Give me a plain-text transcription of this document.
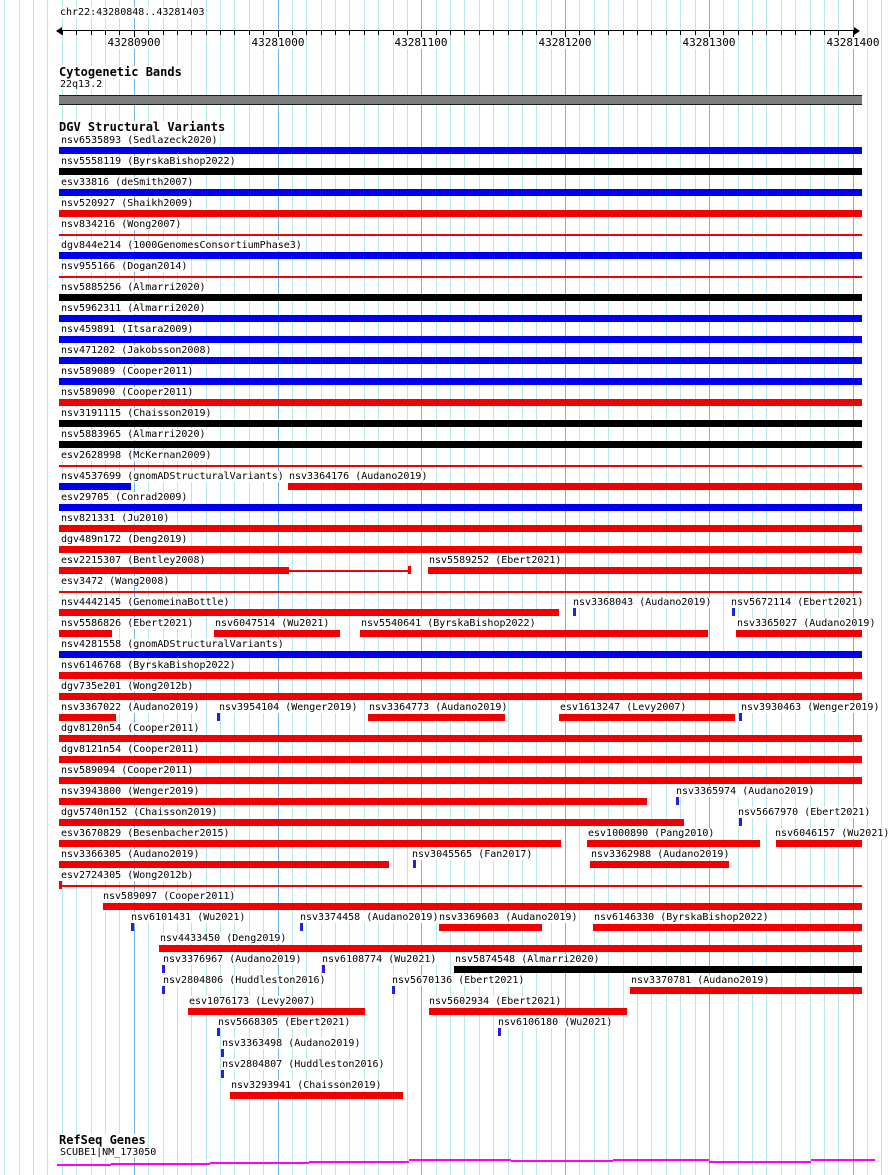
chr22:43280848..43281403
43280900	43281000	43281100	43281200	43281300	43281400
Cytogenetic Bands
22q13.2
DGV Structural Variants
nsv6535893 (Sedlazeck2020)
nsv5558119 (ByrskaBishop2022)
esv33816 (deSmith2007)
nsv520927 (Shaikh2009)
nsv834216 (Wong2007)
dgv844e214 (1000GenomesConsortiumPhase3)
nsv955166 (Dogan2014)
nsv5885256 (Almarri2020)
nsv5962311 (Almarri2020)
nsv459891 (Itsara2009)
nsv471202 (Jakobsson2008)
nsv589089 (Cooper2011)
nsv589090 (Cooper2011)
nsv3191115 (Chaisson2019)
nsv5883965 (Almarri2020)
esv2628998 (McKernan2009)
nsv4537699 (gnomADStructuralVariants) nsv3364176 (Audano2019)
esv29705 (Conrad2009)
nsv821331 (Ju2010)
dgv489n172 (Deng2019)
esv2215307 (Bentley2008)	nsv5589252 (Ebert2021)
esv3472 (Wang2008)
nsv4442145 (GenomeinaBottle)	nsv3368043 (Audano2019) nsv5672114 (Ebert2021)
nsv5586826 (Ebert2021) nsv6047514 (Wu2021)	nsv5540641 (ByrskaBishop2022)	nsv3365027 (Audano2019)
nsv4281558 (gnomADStructuralVariants)
nsv6146768 (ByrskaBishop2022)
dgv735e201 (Wong2012b)
nsv3367022 (Audano2019) nsv3954104 (Wenger2019) nsv3364773 (Audano2019)	esv1613247 (Levy2007)	nsv3930463 (Wenger2019)
dgv8120n54 (Cooper2011)
dgv8121n54 (Cooper2011)
nsv589094 (Cooper2011)
nsv3943800 (Wenger2019)	nsv3365974 (Audano2019)
dgv5740n152 (Chaisson2019)	nsv5667970 (Ebert2021)
esv3670829 (Besenbacher2015)	esv1000890 (Pang2010)	nsv6046157 (Wu2021)
nsv3366305 (Audano2019)	nsv3045565 (Fan2017)	nsv3362988 (Audano2019)
esv2724305 (Wong2012b)
nsv589097 (Cooper2011)
nsv6101431 (Wu2021)	nsv3374458 (Audano2019) nsv3369603 (Audano2019) nsv6146330 (ByrskaBishop2022)
nsv4433450 (Deng2019)
nsv3376967 (Audano2019) nsv6108774 (Wu2021) nsv5874548 (Almarri2020)
nsv2804806 (Huddleston2016)	nsv5670136 (Ebert2021)	nsv3370781 (Audano2019)
esv1076173 (Levy2007)	nsv5602934 (Ebert2021)
nsv5668305 (Ebert2021)	nsv6106180 (Wu2021)
nsv3363498 (Audano2019)
nsv2804807 (Huddleston2016)
nsv3293941 (Chaisson2019)
RefSeq Genes
SCUBE1|NM_173050
